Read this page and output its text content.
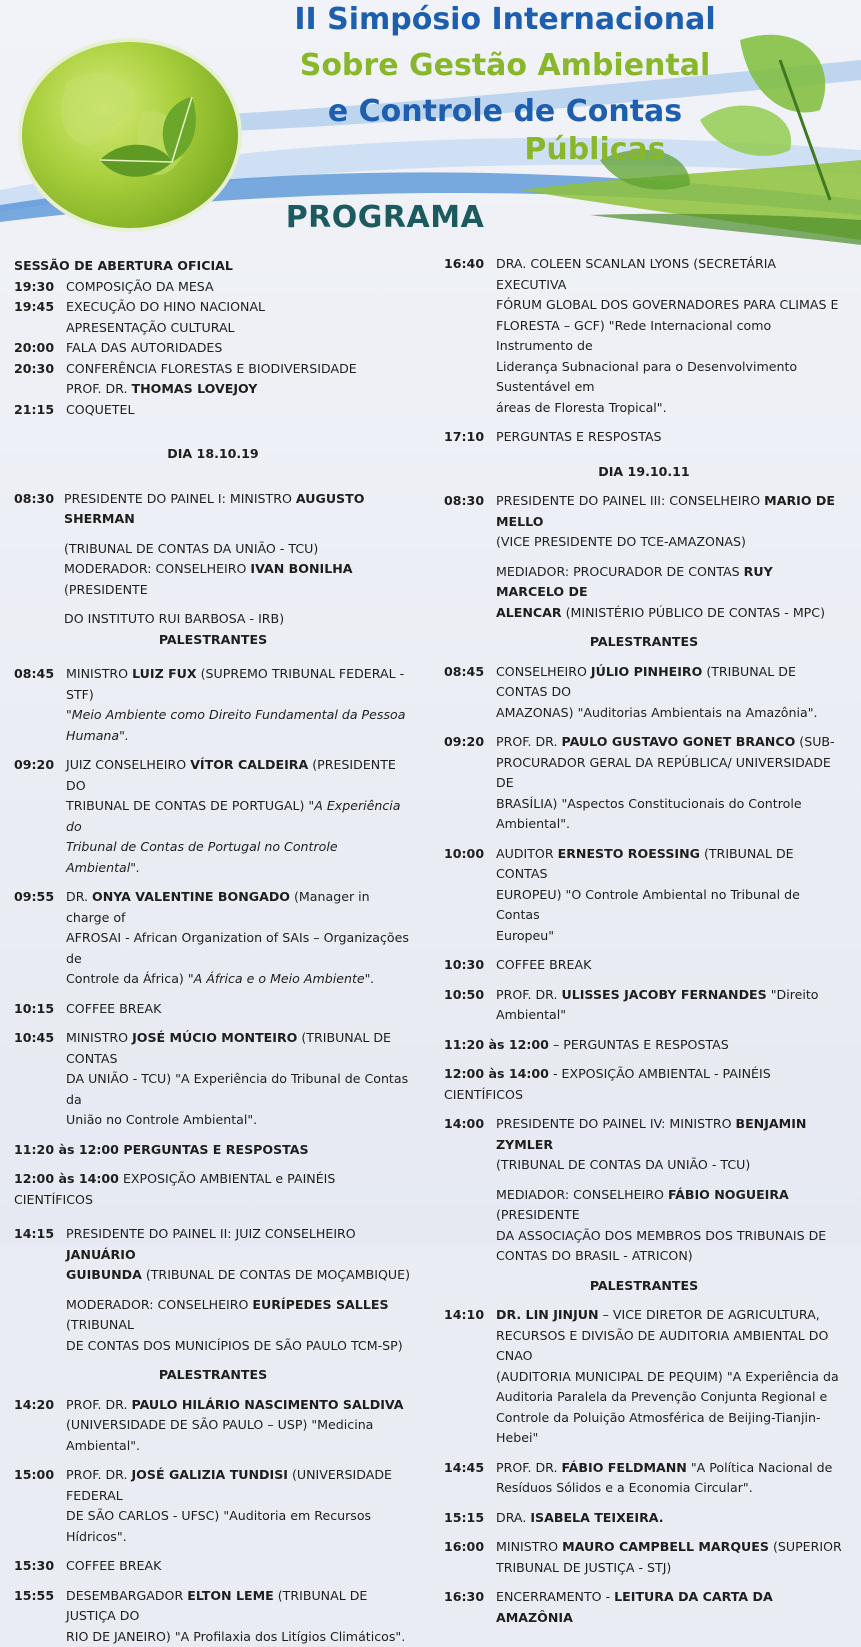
II Simpósio Internacional
Sobre Gestão Ambiental
e Controle de Contas
Públicas
PROGRAMA

SESSÃO DE ABERTURA OFICIAL

19:30 COMPOSIÇÃO DA MESA
19:45 EXECUÇÃO DO HINO NACIONAL
APRESENTAÇÃO CULTURAL
20:00 FALA DAS AUTORIDADES
20:30 CONFERÊNCIA FLORESTAS E BIODIVERSIDADE
PROF. DR. THOMAS LOVEJOY
21:15 COQUETEL

DIA 18.10.19

08:30 PRESIDENTE DO PAINEL I: MINISTRO AUGUSTO SHERMAN
(TRIBUNAL DE CONTAS DA UNIÃO - TCU)
MODERADOR: CONSELHEIRO IVAN BONILHA (PRESIDENTE
DO INSTITUTO RUI BARBOSA - IRB)

PALESTRANTES

08:45 MINISTRO LUIZ FUX (SUPREMO TRIBUNAL FEDERAL - STF)
"Meio Ambiente como Direito Fundamental da Pessoa
Humana".
09:20 JUIZ CONSELHEIRO VÍTOR CALDEIRA (PRESIDENTE DO
TRIBUNAL DE CONTAS DE PORTUGAL) "A Experiência do
Tribunal de Contas de Portugal no Controle Ambiental".
09:55 DR. ONYA VALENTINE BONGADO (Manager in charge of
AFROSAI - African Organization of SAIs – Organizações de
Controle da África) "A África e o Meio Ambiente".
10:15 COFFEE BREAK
10:45 MINISTRO JOSÉ MÚCIO MONTEIRO (TRIBUNAL DE CONTAS
DA UNIÃO - TCU) "A Experiência do Tribunal de Contas da
União no Controle Ambiental".

11:20 às 12:00 PERGUNTAS E RESPOSTAS

12:00 às 14:00 EXPOSIÇÃO AMBIENTAL e PAINÉIS CIENTÍFICOS

14:15 PRESIDENTE DO PAINEL II: JUIZ CONSELHEIRO JANUÁRIO
GUIBUNDA (TRIBUNAL DE CONTAS DE MOÇAMBIQUE)
MODERADOR: CONSELHEIRO EURÍPEDES SALLES (TRIBUNAL
DE CONTAS DOS MUNICÍPIOS DE SÃO PAULO TCM-SP)

PALESTRANTES

14:20 PROF. DR. PAULO HILÁRIO NASCIMENTO SALDIVA
(UNIVERSIDADE DE SÃO PAULO – USP) "Medicina
Ambiental".
15:00 PROF. DR. JOSÉ GALIZIA TUNDISI (UNIVERSIDADE FEDERAL
DE SÃO CARLOS - UFSC) "Auditoria em Recursos Hídricos".
15:30 COFFEE BREAK
15:55 DESEMBARGADOR ELTON LEME (TRIBUNAL DE JUSTIÇA DO
RIO DE JANEIRO) "A Profilaxia dos Litígios Climáticos".
16:40 DRA. COLEEN SCANLAN LYONS (SECRETÁRIA EXECUTIVA
FÓRUM GLOBAL DOS GOVERNADORES PARA CLIMAS E
FLORESTA – GCF) "Rede Internacional como Instrumento de
Liderança Subnacional para o Desenvolvimento Sustentável em
áreas de Floresta Tropical".
17:10 PERGUNTAS E RESPOSTAS

DIA 19.10.11

08:30 PRESIDENTE DO PAINEL III: CONSELHEIRO MARIO DE MELLO
(VICE PRESIDENTE DO TCE-AMAZONAS)
MEDIADOR: PROCURADOR DE CONTAS RUY MARCELO DE
ALENCAR (MINISTÉRIO PÚBLICO DE CONTAS - MPC)

PALESTRANTES

08:45 CONSELHEIRO JÚLIO PINHEIRO (TRIBUNAL DE CONTAS DO
AMAZONAS) "Auditorias Ambientais na Amazônia".
09:20 PROF. DR. PAULO GUSTAVO GONET BRANCO (SUB-
PROCURADOR GERAL DA REPÚBLICA/ UNIVERSIDADE DE
BRASÍLIA) "Aspectos Constitucionais do Controle Ambiental".
10:00 AUDITOR ERNESTO ROESSING (TRIBUNAL DE CONTAS
EUROPEU) "O Controle Ambiental no Tribunal de Contas
Europeu"
10:30 COFFEE BREAK
10:50 PROF. DR. ULISSES JACOBY FERNANDES "Direito Ambiental"

11:20 às 12:00 – PERGUNTAS E RESPOSTAS

12:00 às 14:00 - EXPOSIÇÃO AMBIENTAL - PAINÉIS CIENTÍFICOS

14:00 PRESIDENTE DO PAINEL IV: MINISTRO BENJAMIN ZYMLER
(TRIBUNAL DE CONTAS DA UNIÃO - TCU)
MEDIADOR: CONSELHEIRO FÁBIO NOGUEIRA (PRESIDENTE
DA ASSOCIAÇÃO DOS MEMBROS DOS TRIBUNAIS DE
CONTAS DO BRASIL - ATRICON)

PALESTRANTES

14:10 DR. LIN JINJUN – VICE DIRETOR DE AGRICULTURA,
RECURSOS E DIVISÃO DE AUDITORIA AMBIENTAL DO CNAO
(AUDITORIA MUNICIPAL DE PEQUIM) "A Experiência da
Auditoria Paralela da Prevenção Conjunta Regional e
Controle da Poluição Atmosférica de Beijing-Tianjin-Hebei"
14:45 PROF. DR. FÁBIO FELDMANN "A Política Nacional de
Resíduos Sólidos e a Economia Circular".
15:15 DRA. ISABELA TEIXEIRA.
16:00 MINISTRO MAURO CAMPBELL MARQUES (SUPERIOR
TRIBUNAL DE JUSTIÇA - STJ)
16:30 ENCERRAMENTO - LEITURA DA CARTA DA AMAZÔNIA
